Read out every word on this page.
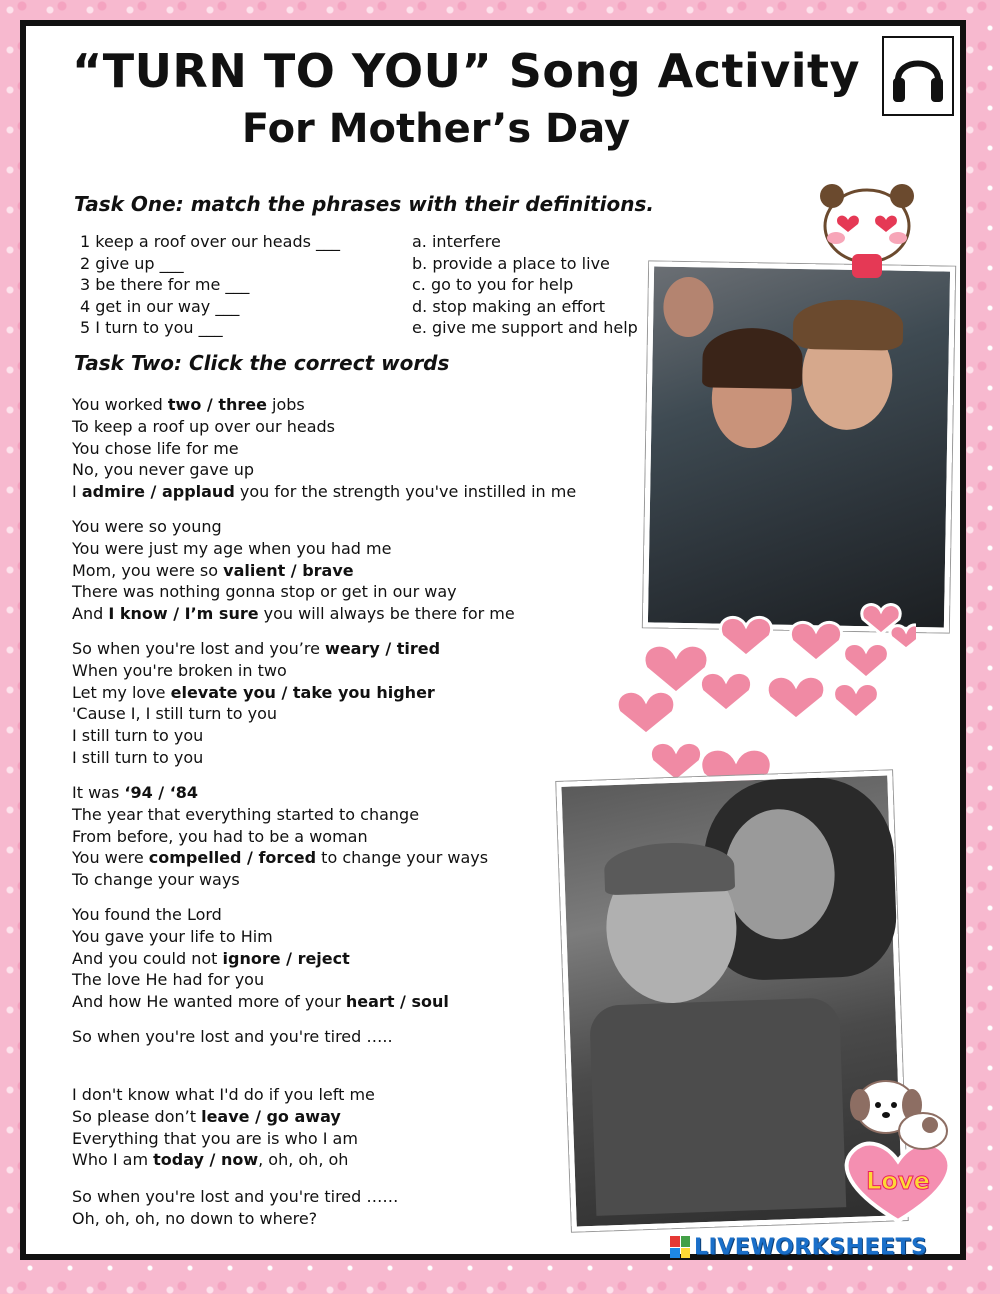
“TURN TO YOU” Song Activity
For Mother’s Day
Task One: match the phrases with their definitions.
1 keep a roof over our heads ___
2 give up ___
3 be there for me ___
4 get in our way ___
5 I turn to you ___
a. interfere
b. provide a place to live
c. go to you for help
d. stop making an effort
e. give me support and help
Task Two: Click the correct words
You worked two / three jobs
To keep a roof up over our heads
You chose life for me
No, you never gave up
I admire / applaud you for the strength you've instilled in me
You were so young
You were just my age when you had me
Mom, you were so valient / brave
There was nothing gonna stop or get in our way
And I know / I’m sure you will always be there for me
So when you're lost and you’re weary / tired
When you're broken in two
Let my love elevate you / take you higher
'Cause I, I still turn to you
I still turn to you
I still turn to you
It was ‘94 / ‘84
The year that everything started to change
From before, you had to be a woman
You were compelled / forced to change your ways
To change your ways
You found the Lord
You gave your life to Him
And you could not ignore / reject
The love He had for you
And how He wanted more of your heart / soul
So when you're lost and you're tired …..
I don't know what I'd do if you left me
So please don’t leave / go away
Everything that you are is who I am
Who I am today / now, oh, oh, oh
So when you're lost and you're tired ……
Oh, oh, oh, no down to where?
Love
LIVEWORKSHEETS
